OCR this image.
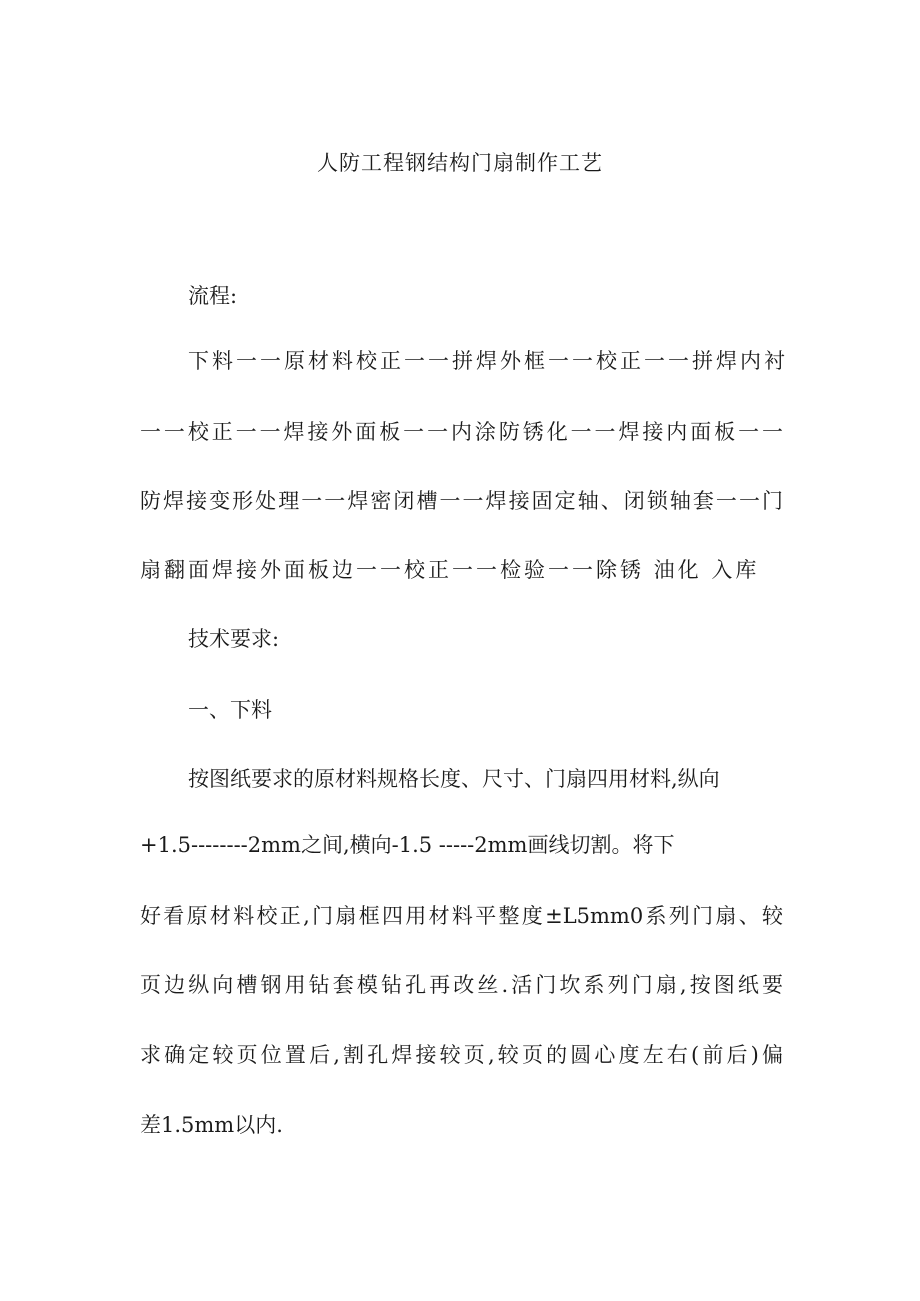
人防工程钢结构门扇制作工艺
流程:
下料一一原材料校正一一拼焊外框一一校正一一拼焊内衬
一一校正一一焊接外面板一一内涂防锈化一一焊接内面板一一
防焊接变形处理一一焊密闭槽一一焊接固定轴、闭锁轴套一一门
扇翻面焊接外面板边一一校正一一检验一一除锈 油化 入库
技术要求:
一、下料
按图纸要求的原材料规格长度、尺寸、门扇四用材料,纵向
+1.5--------2mm之间,横向-1.5 -----2mm画线切割。将下
好看原材料校正,门扇框四用材料平整度±L5mm0系列门扇、较
页边纵向槽钢用钻套模钻孔再改丝.活门坎系列门扇,按图纸要
求确定较页位置后,割孔焊接较页,较页的圆心度左右(前后)偏
差1.5mm以内.
